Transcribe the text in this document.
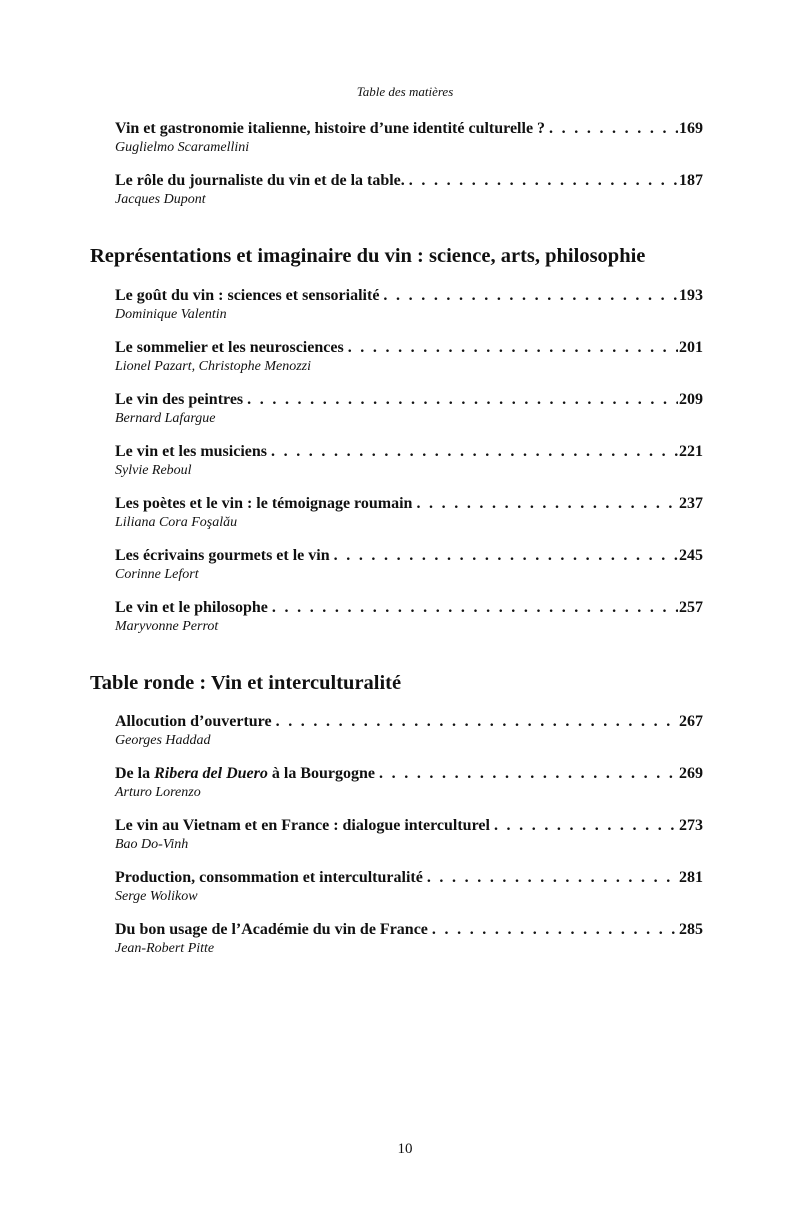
Table des matières
Vin et gastronomie italienne, histoire d’une identité culturelle ? . . .	169
Guglielmo Scaramellini
Le rôle du journaliste du vin et de la table. . . .	187
Jacques Dupont
Représentations et imaginaire du vin : science, arts, philosophie
Le goût du vin : sciences et sensorialité . . .	193
Dominique Valentin
Le sommelier et les neurosciences . . .	201
Lionel Pazart, Christophe Menozzi
Le vin des peintres . . .	209
Bernard Lafargue
Le vin et les musiciens . . .	221
Sylvie Reboul
Les poètes et le vin : le témoignage roumain . . .	237
Liliana Cora Foşalău
Les écrivains gourmets et le vin . . .	245
Corinne Lefort
Le vin et le philosophe . . .	257
Maryvonne Perrot
Table ronde : Vin et interculturalité
Allocution d’ouverture . . .	267
Georges Haddad
De la Ribera del Duero à la Bourgogne . . .	269
Arturo Lorenzo
Le vin au Vietnam et en France : dialogue interculturel . . .	273
Bao Do-Vinh
Production, consommation et interculturalité . . .	281
Serge Wolikow
Du bon usage de l’Académie du vin de France . . .	285
Jean-Robert Pitte
10
